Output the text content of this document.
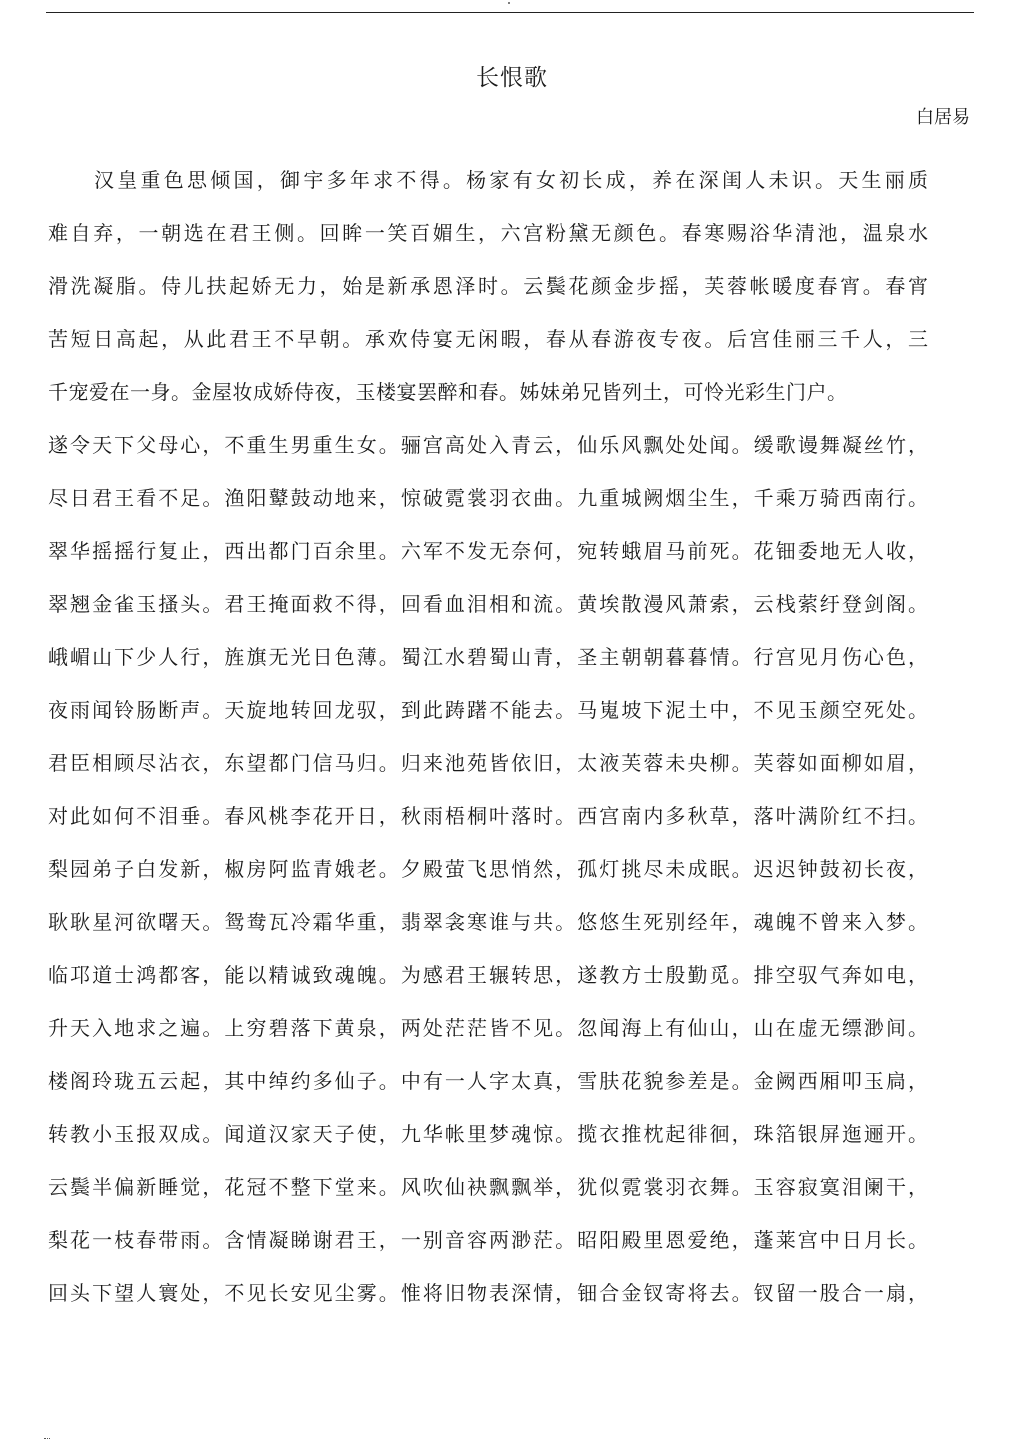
长恨歌
白居易
汉皇重色思倾国，御宇多年求不得。杨家有女初长成，养在深闺人未识。天生丽质
难自弃，一朝选在君王侧。回眸一笑百媚生，六宫粉黛无颜色。春寒赐浴华清池，温泉水
滑洗凝脂。侍儿扶起娇无力，始是新承恩泽时。云鬓花颜金步摇，芙蓉帐暖度春宵。春宵
苦短日高起，从此君王不早朝。承欢侍宴无闲暇，春从春游夜专夜。后宫佳丽三千人，三
千宠爱在一身。金屋妆成娇侍夜，玉楼宴罢醉和春。姊妹弟兄皆列土，可怜光彩生门户。
遂令天下父母心，不重生男重生女。骊宫高处入青云，仙乐风飘处处闻。缓歌谩舞凝丝竹，
尽日君王看不足。渔阳鼙鼓动地来，惊破霓裳羽衣曲。九重城阙烟尘生，千乘万骑西南行。
翠华摇摇行复止，西出都门百余里。六军不发无奈何，宛转蛾眉马前死。花钿委地无人收，
翠翘金雀玉搔头。君王掩面救不得，回看血泪相和流。黄埃散漫风萧索，云栈萦纡登剑阁。
峨嵋山下少人行，旌旗无光日色薄。蜀江水碧蜀山青，圣主朝朝暮暮情。行宫见月伤心色，
夜雨闻铃肠断声。天旋地转回龙驭，到此踌躇不能去。马嵬坡下泥土中，不见玉颜空死处。
君臣相顾尽沾衣，东望都门信马归。归来池苑皆依旧，太液芙蓉未央柳。芙蓉如面柳如眉，
对此如何不泪垂。春风桃李花开日，秋雨梧桐叶落时。西宫南内多秋草，落叶满阶红不扫。
梨园弟子白发新，椒房阿监青娥老。夕殿萤飞思悄然，孤灯挑尽未成眠。迟迟钟鼓初长夜，
耿耿星河欲曙天。鸳鸯瓦冷霜华重，翡翠衾寒谁与共。悠悠生死别经年，魂魄不曾来入梦。
临邛道士鸿都客，能以精诚致魂魄。为感君王辗转思，遂教方士殷勤觅。排空驭气奔如电，
升天入地求之遍。上穷碧落下黄泉，两处茫茫皆不见。忽闻海上有仙山，山在虚无缥渺间。
楼阁玲珑五云起，其中绰约多仙子。中有一人字太真，雪肤花貌参差是。金阙西厢叩玉扃，
转教小玉报双成。闻道汉家天子使，九华帐里梦魂惊。揽衣推枕起徘徊，珠箔银屏迤逦开。
云鬓半偏新睡觉，花冠不整下堂来。风吹仙袂飘飘举，犹似霓裳羽衣舞。玉容寂寞泪阑干，
梨花一枝春带雨。含情凝睇谢君王，一别音容两渺茫。昭阳殿里恩爱绝，蓬莱宫中日月长。
回头下望人寰处，不见长安见尘雾。惟将旧物表深情，钿合金钗寄将去。钗留一股合一扇，
